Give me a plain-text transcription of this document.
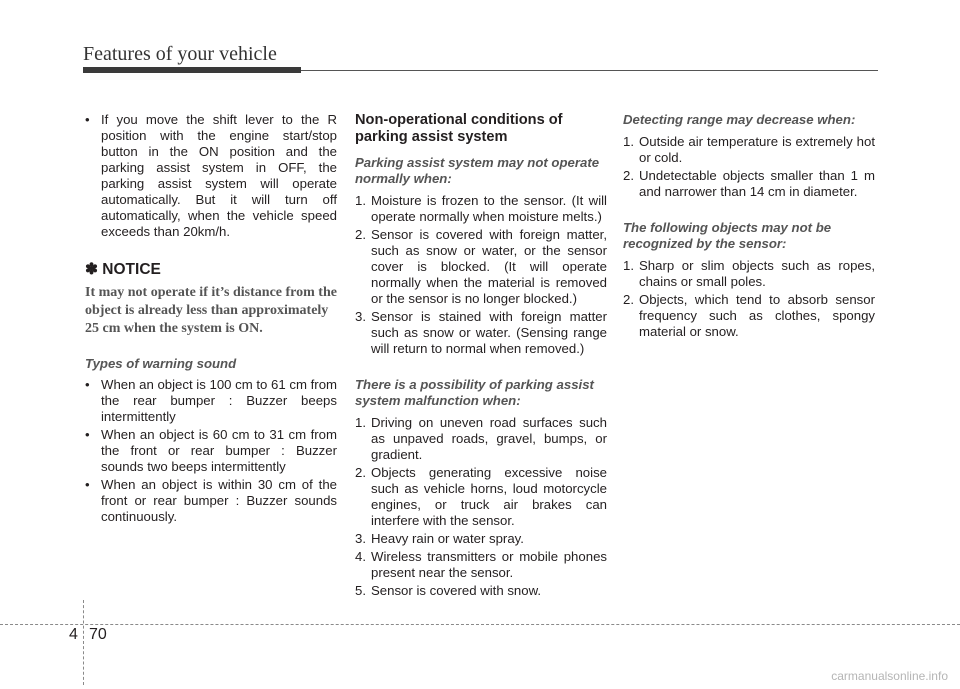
Features of your vehicle
• If you move the shift lever to the R position with the engine start/stop button in the ON position and the parking assist system in OFF, the parking assist system will operate automatically. But it will turn off automatically, when the vehicle speed exceeds than 20km/h.
✽ NOTICE
It may not operate if it’s distance from the object is already less than approximately 25 cm when the system is ON.
Types of warning sound
• When an object is 100 cm to 61 cm from the rear bumper : Buzzer beeps intermittently
• When an object is 60 cm to 31 cm from the front or rear bumper : Buzzer sounds two beeps intermittently
• When an object is within 30 cm of the front or rear bumper : Buzzer sounds continuously.
Non-operational conditions of parking assist system
Parking assist system may not operate normally when:
1. Moisture is frozen to the sensor. (It will operate normally when moisture melts.)
2. Sensor is covered with foreign matter, such as snow or water, or the sensor cover is blocked. (It will operate normally when the material is removed or the sensor is no longer blocked.)
3. Sensor is stained with foreign matter such as snow or water. (Sensing range will return to normal when removed.)
There is a possibility of parking assist system malfunction when:
1. Driving on uneven road surfaces such as unpaved roads, gravel, bumps, or gradient.
2. Objects generating excessive noise such as vehicle horns, loud motorcycle engines, or truck air brakes can interfere with the sensor.
3. Heavy rain or water spray.
4. Wireless transmitters or mobile phones present near the sensor.
5. Sensor is covered with snow.
Detecting range may decrease when:
1. Outside air temperature is extremely hot or cold.
2. Undetectable objects smaller than 1 m and narrower than 14 cm in diameter.
The following objects may not be recognized by the sensor:
1. Sharp or slim objects such as ropes, chains or small poles.
2. Objects, which tend to absorb sensor frequency such as clothes, spongy material or snow.
4 70
carmanualsonline.info
